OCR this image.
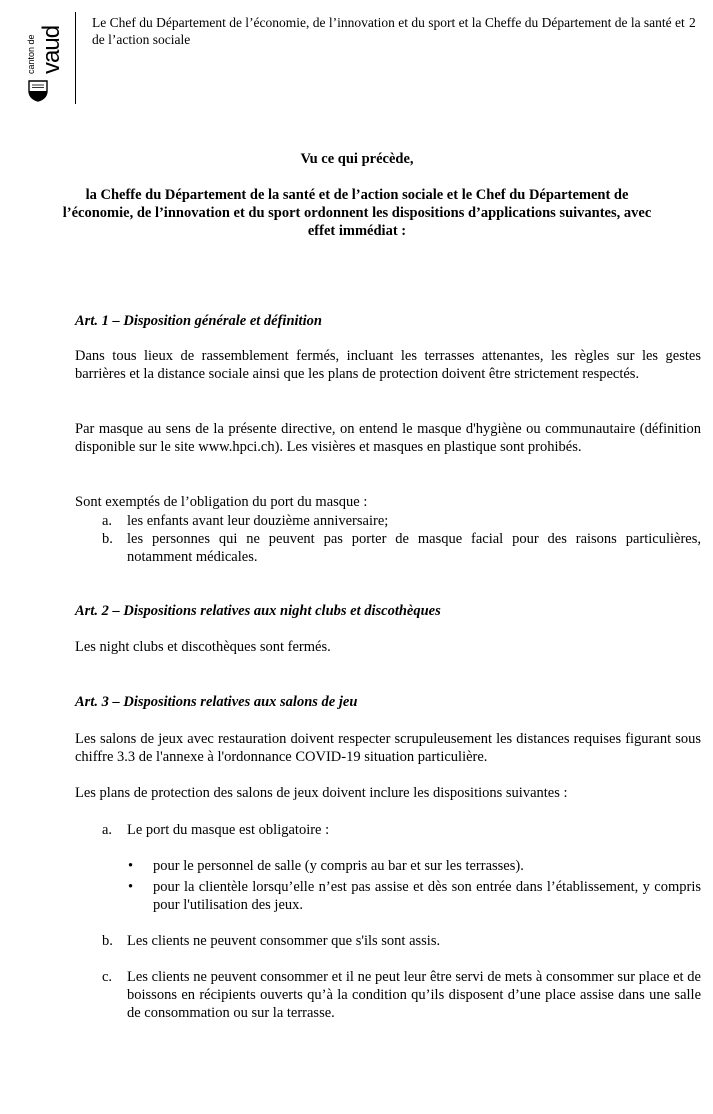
canton de
vaud
Le Chef du Département de l’économie, de l’innovation et du sport et la Cheffe du Département de la santé et de l’action sociale
2
Vu ce qui précède,
la Cheffe du Département de la santé et de l’action sociale et le Chef du Département de l’économie, de l’innovation et du sport ordonnent les dispositions d’applications suivantes, avec effet immédiat :
Art. 1 – Disposition générale et définition
Dans tous lieux de rassemblement fermés, incluant les terrasses attenantes, les règles sur les gestes barrières et la distance sociale ainsi que les plans de protection doivent être strictement respectés.
Par masque au sens de la présente directive, on entend le masque d'hygiène ou communautaire (définition disponible sur le site www.hpci.ch). Les visières et masques en plastique sont prohibés.
Sont exemptés de l’obligation du port du masque :
a. les enfants avant leur douzième anniversaire;
b. les personnes qui ne peuvent pas porter de masque facial pour des raisons particulières, notamment médicales.
Art. 2 – Dispositions relatives aux night clubs et discothèques
Les night clubs et discothèques sont fermés.
Art. 3 – Dispositions relatives aux salons de jeu
Les salons de jeux avec restauration doivent respecter scrupuleusement les distances requises figurant sous chiffre 3.3 de l'annexe à l'ordonnance COVID-19 situation particulière.
Les plans de protection des salons de jeux doivent inclure les dispositions suivantes :
a. Le port du masque est obligatoire :
• pour le personnel de salle (y compris au bar et sur les terrasses).
• pour la clientèle lorsqu’elle n’est pas assise et dès son entrée dans l’établissement, y compris pour l'utilisation des jeux.
b. Les clients ne peuvent consommer que s'ils sont assis.
c. Les clients ne peuvent consommer et il ne peut leur être servi de mets à consommer sur place et de boissons en récipients ouverts qu’à la condition qu’ils disposent d’une place assise dans une salle de consommation ou sur la terrasse.
